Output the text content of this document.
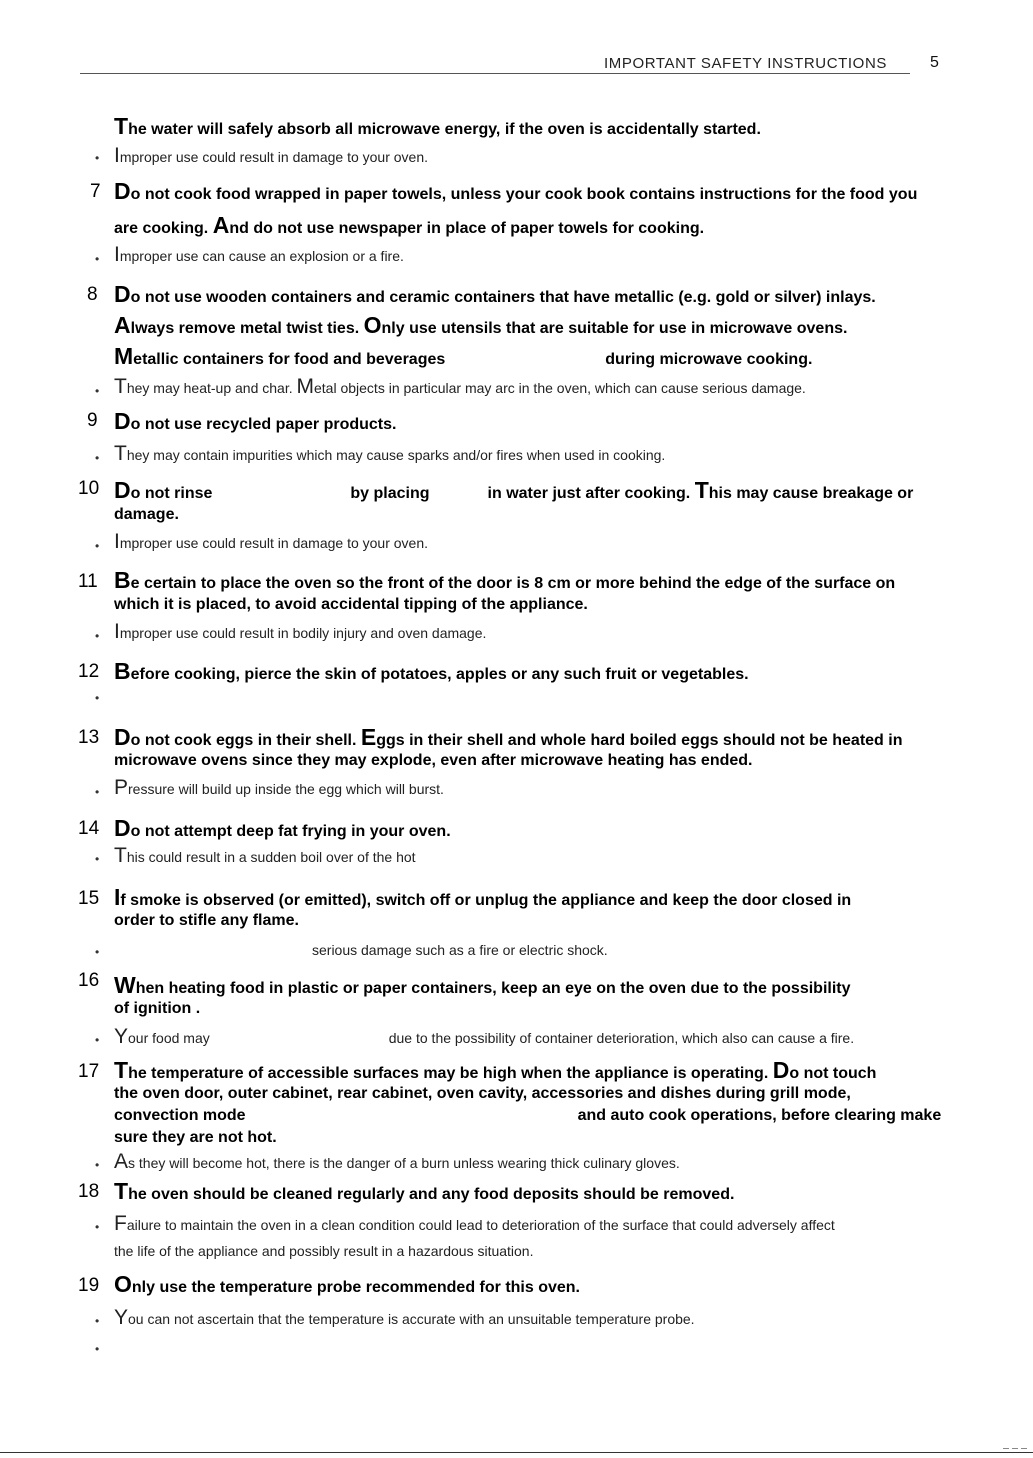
IMPORTANT SAFETY INSTRUCTIONS	5
The water will safely absorb all microwave energy, if the oven is accidentally started.
• Improper use could result in damage to your oven.
7 Do not cook food wrapped in paper towels, unless your cook book contains instructions for the food you
are cooking. And do not use newspaper in place of paper towels for cooking.
• Improper use can cause an explosion or a fire.
8 Do not use wooden containers and ceramic containers that have metallic (e.g. gold or silver) inlays.
Always remove metal twist ties. Only use utensils that are suitable for use in microwave ovens.
Metallic containers for food and beverages	during microwave cooking.
• They may heat-up and char. Metal objects in particular may arc in the oven, which can cause serious damage.
9 Do not use recycled paper products.
• They may contain impurities which may cause sparks and/or fires when used in cooking.
10 Do not rinse	by placing	in water just after cooking. This may cause breakage or
damage.
• Improper use could result in damage to your oven.
11 Be certain to place the oven so the front of the door is 8 cm or more behind the edge of the surface on
which it is placed, to avoid accidental tipping of the appliance.
• Improper use could result in bodily injury and oven damage.
12 Before cooking, pierce the skin of potatoes, apples or any such fruit or vegetables.
•
13 Do not cook eggs in their shell. Eggs in their shell and whole hard boiled eggs should not be heated in
microwave ovens since they may explode, even after microwave heating has ended.
• Pressure will build up inside the egg which will burst.
14 Do not attempt deep fat frying in your oven.
• This could result in a sudden boil over of the hot
15 If smoke is observed (or emitted), switch off or unplug the appliance and keep the door closed in
order to stifle any flame.
•	serious damage such as a fire or electric shock.
16 When heating food in plastic or paper containers, keep an eye on the oven due to the possibility
of ignition .
• Your food may	due to the possibility of container deterioration, which also can cause a fire.
17 The temperature of accessible surfaces may be high when the appliance is operating. Do not touch
the oven door, outer cabinet, rear cabinet, oven cavity, accessories and dishes during grill mode,
convection mode	and auto cook operations, before clearing make
sure they are not hot.
• As they will become hot, there is the danger of a burn unless wearing thick culinary gloves.
18 The oven should be cleaned regularly and any food deposits should be removed.
• Failure to maintain the oven in a clean condition could lead to deterioration of the surface that could adversely affect
the life of the appliance and possibly result in a hazardous situation.
19 Only use the temperature probe recommended for this oven.
• You can not ascertain that the temperature is accurate with an unsuitable temperature probe.
•
